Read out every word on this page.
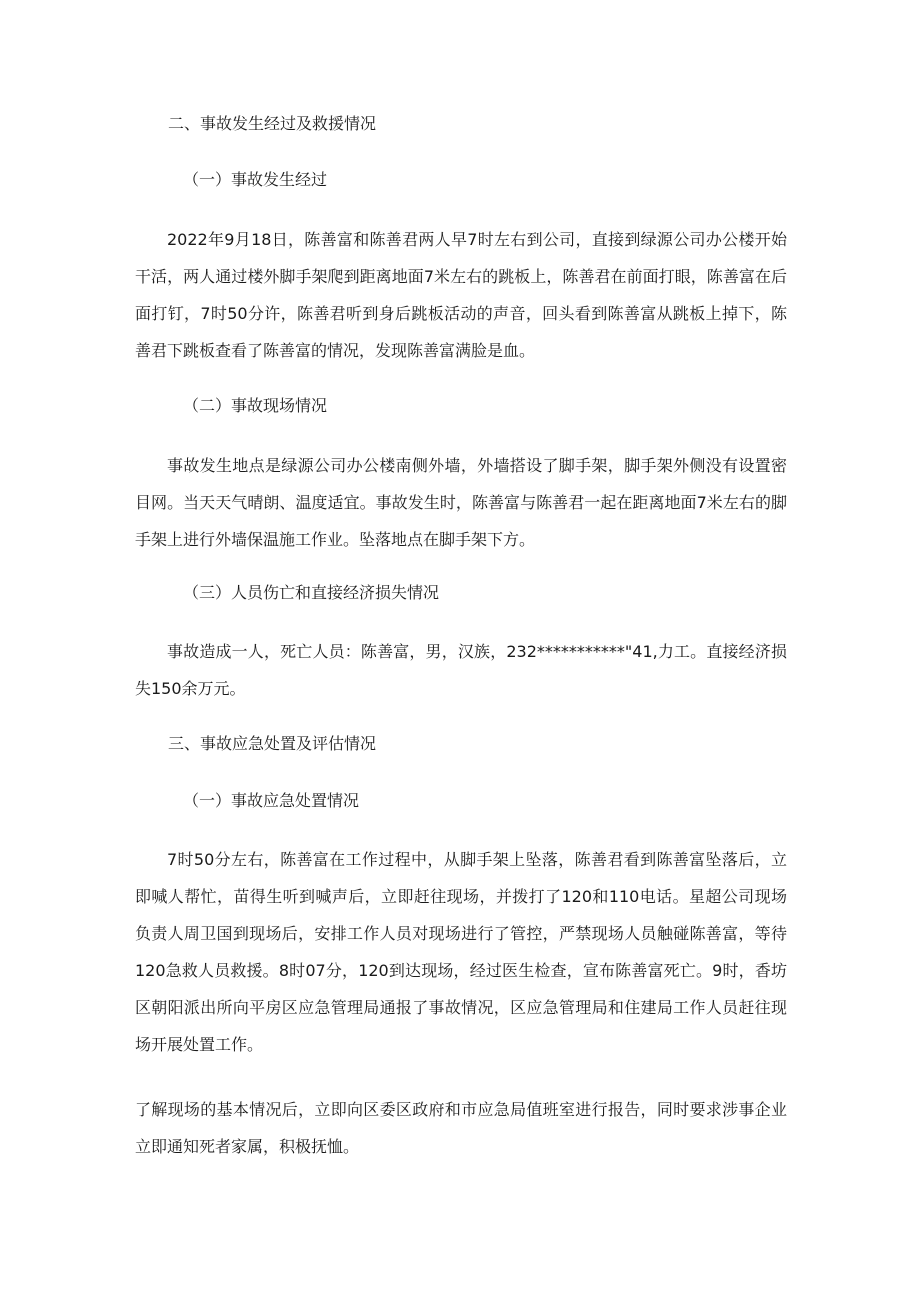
二、事故发生经过及救援情况

（一）事故发生经过

2022年9月18日，陈善富和陈善君两人早7时左右到公司，直接到绿源公司办公楼开始干活，两人通过楼外脚手架爬到距离地面7米左右的跳板上，陈善君在前面打眼，陈善富在后面打钉，7时50分许，陈善君听到身后跳板活动的声音，回头看到陈善富从跳板上掉下，陈善君下跳板查看了陈善富的情况，发现陈善富满脸是血。

（二）事故现场情况

事故发生地点是绿源公司办公楼南侧外墙，外墙搭设了脚手架，脚手架外侧没有设置密目网。当天天气晴朗、温度适宜。事故发生时，陈善富与陈善君一起在距离地面7米左右的脚手架上进行外墙保温施工作业。坠落地点在脚手架下方。

（三）人员伤亡和直接经济损失情况

事故造成一人，死亡人员：陈善富，男，汉族，232***********"41,力工。直接经济损失150余万元。

三、事故应急处置及评估情况

（一）事故应急处置情况

7时50分左右，陈善富在工作过程中，从脚手架上坠落，陈善君看到陈善富坠落后，立即喊人帮忙，苗得生听到喊声后，立即赶往现场，并拨打了120和110电话。星超公司现场负责人周卫国到现场后，安排工作人员对现场进行了管控，严禁现场人员触碰陈善富，等待120急救人员救援。8时07分，120到达现场，经过医生检查，宣布陈善富死亡。9时，香坊区朝阳派出所向平房区应急管理局通报了事故情况，区应急管理局和住建局工作人员赶往现场开展处置工作。

了解现场的基本情况后，立即向区委区政府和市应急局值班室进行报告，同时要求涉事企业立即通知死者家属，积极抚恤。
